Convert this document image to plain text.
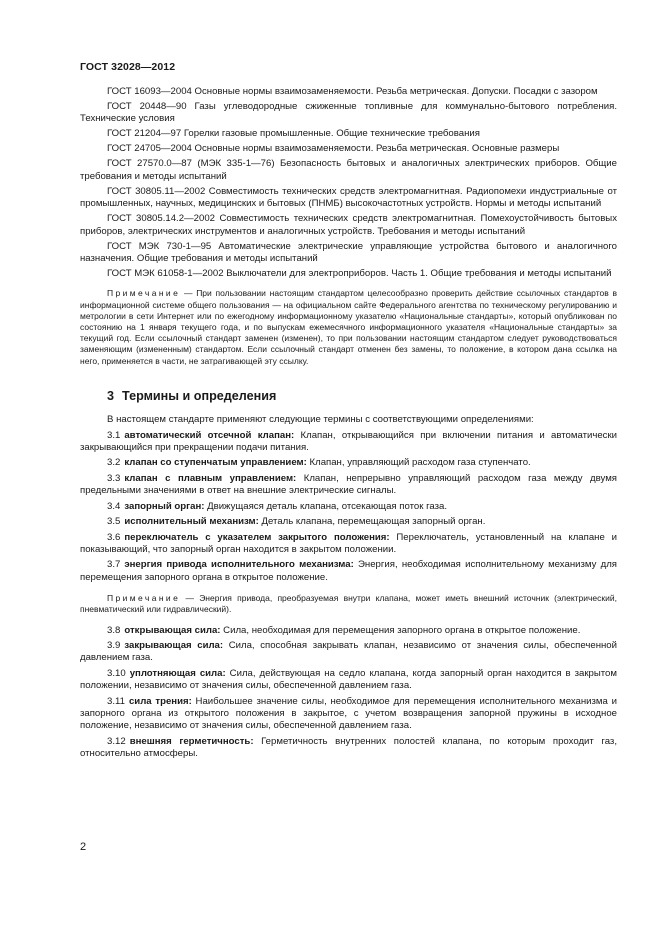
ГОСТ 32028—2012

ГОСТ 16093—2004 Основные нормы взаимозаменяемости. Резьба метрическая. Допуски. Посадки с зазором

ГОСТ 20448—90 Газы углеводородные сжиженные топливные для коммунально-бытового потребления. Технические условия

ГОСТ 21204—97 Горелки газовые промышленные. Общие технические требования

ГОСТ 24705—2004 Основные нормы взаимозаменяемости. Резьба метрическая. Основные размеры

ГОСТ 27570.0—87 (МЭК 335-1—76) Безопасность бытовых и аналогичных электрических приборов. Общие требования и методы испытаний

ГОСТ 30805.11—2002 Совместимость технических средств электромагнитная. Радиопомехи индустриальные от промышленных, научных, медицинских и бытовых (ПНМБ) высокочастотных устройств. Нормы и методы испытаний

ГОСТ 30805.14.2—2002 Совместимость технических средств электромагнитная. Помехоустойчивость бытовых приборов, электрических инструментов и аналогичных устройств. Требования и методы испытаний

ГОСТ МЭК 730-1—95 Автоматические электрические управляющие устройства бытового и аналогичного назначения. Общие требования и методы испытаний

ГОСТ МЭК 61058-1—2002 Выключатели для электроприборов. Часть 1. Общие требования и методы испытаний

Примечание — При пользовании настоящим стандартом целесообразно проверить действие ссылочных стандартов в информационной системе общего пользования — на официальном сайте Федерального агентства по техническому регулированию и метрологии в сети Интернет или по ежегодному информационному указателю «Национальные стандарты», который опубликован по состоянию на 1 января текущего года, и по выпускам ежемесячного информационного указателя «Национальные стандарты» за текущий год. Если ссылочный стандарт заменен (изменен), то при пользовании настоящим стандартом следует руководствоваться заменяющим (измененным) стандартом. Если ссылочный стандарт отменен без замены, то положение, в котором дана ссылка на него, применяется в части, не затрагивающей эту ссылку.

3 Термины и определения

В настоящем стандарте применяют следующие термины с соответствующими определениями:

3.1 автоматический отсечной клапан: Клапан, открывающийся при включении питания и автоматически закрывающийся при прекращении подачи питания.

3.2 клапан со ступенчатым управлением: Клапан, управляющий расходом газа ступенчато.

3.3 клапан с плавным управлением: Клапан, непрерывно управляющий расходом газа между двумя предельными значениями в ответ на внешние электрические сигналы.

3.4 запорный орган: Движущаяся деталь клапана, отсекающая поток газа.

3.5 исполнительный механизм: Деталь клапана, перемещающая запорный орган.

3.6 переключатель с указателем закрытого положения: Переключатель, установленный на клапане и показывающий, что запорный орган находится в закрытом положении.

3.7 энергия привода исполнительного механизма: Энергия, необходимая исполнительному механизму для перемещения запорного органа в открытое положение.

Примечание — Энергия привода, преобразуемая внутри клапана, может иметь внешний источник (электрический, пневматический или гидравлический).

3.8 открывающая сила: Сила, необходимая для перемещения запорного органа в открытое положение.

3.9 закрывающая сила: Сила, способная закрывать клапан, независимо от значения силы, обеспеченной давлением газа.

3.10 уплотняющая сила: Сила, действующая на седло клапана, когда запорный орган находится в закрытом положении, независимо от значения силы, обеспеченной давлением газа.

3.11 сила трения: Наибольшее значение силы, необходимое для перемещения исполнительного механизма и запорного органа из открытого положения в закрытое, с учетом возвращения запорной пружины в исходное положение, независимо от значения силы, обеспеченной давлением газа.

3.12 внешняя герметичность: Герметичность внутренних полостей клапана, по которым проходит газ, относительно атмосферы.

2
